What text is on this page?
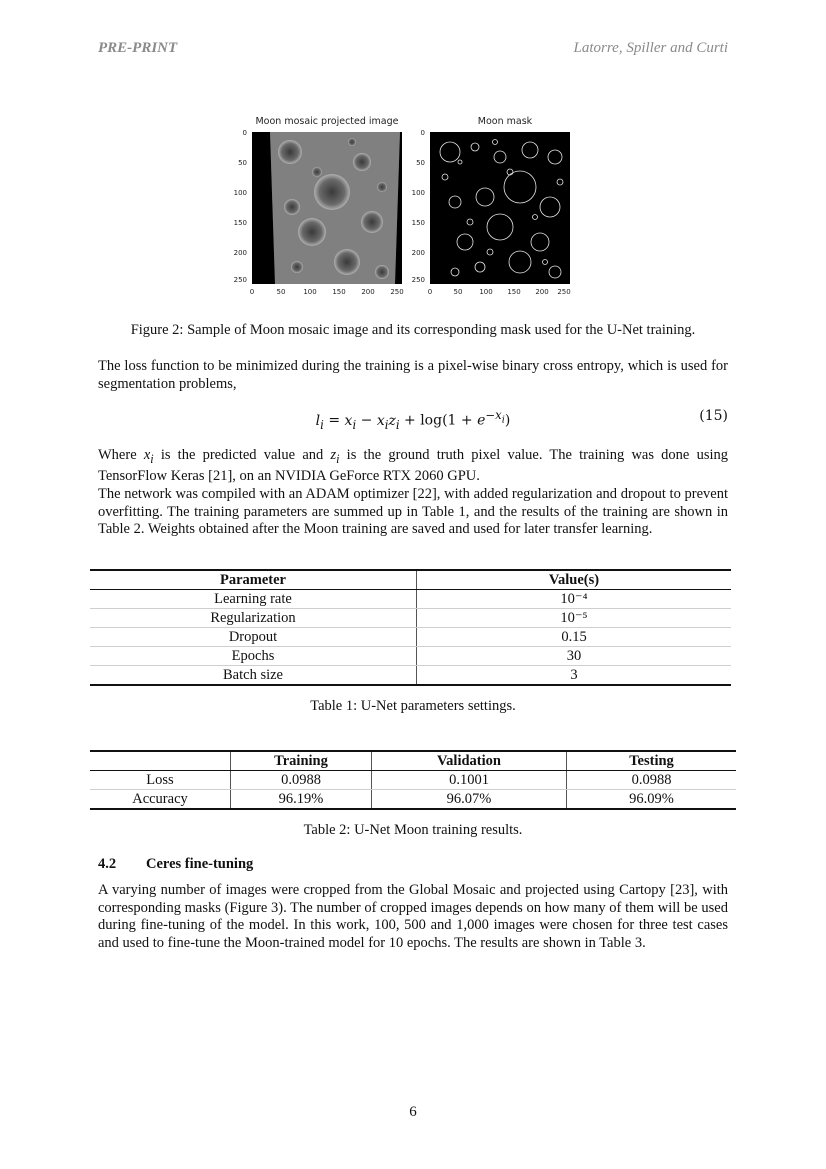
PRE-PRINT	Latorre, Spiller and Curti
Moon mosaic projected image
0
50
100
150
200
250
0	50	100 150 200 250
Moon mask
0
50
100
150
200
250
0	50 100 150 200 250
Figure 2: Sample of Moon mosaic image and its corresponding mask used for the U-Net training.

The loss function to be minimized during the training is a pixel-wise binary cross entropy, which is used for segmentation problems,

$l_i = x_i - x_iz_i + \log(1 + e^{-x_i})$	(15)

Where $x_i$ is the predicted value and $z_i$ is the ground truth pixel value. The training was done using TensorFlow Keras [21], on an NVIDIA GeForce RTX 2060 GPU.
The network was compiled with an ADAM optimizer [22], with added regularization and dropout to prevent overfitting. The training parameters are summed up in Table 1, and the results of the training are shown in Table 2. Weights obtained after the Moon training are saved and used for later transfer learning.

Parameter	Value(s)
Learning rate	10⁻⁴
Regularization	10⁻⁵
Dropout	0.15
Epochs	30
Batch size	3
Table 1: U-Net parameters settings.
	Training	Validation	Testing
Loss	0.0988	0.1001	0.0988
Accuracy	96.19%	96.07%	96.09%
Table 2: U-Net Moon training results.
4.2 Ceres fine-tuning

A varying number of images were cropped from the Global Mosaic and projected using Cartopy [23], with corresponding masks (Figure 3). The number of cropped images depends on how many of them will be used during fine-tuning of the model. In this work, 100, 500 and 1,000 images were chosen for three test cases and used to fine-tune the Moon-trained model for 10 epochs. The results are shown in Table 3.

6
